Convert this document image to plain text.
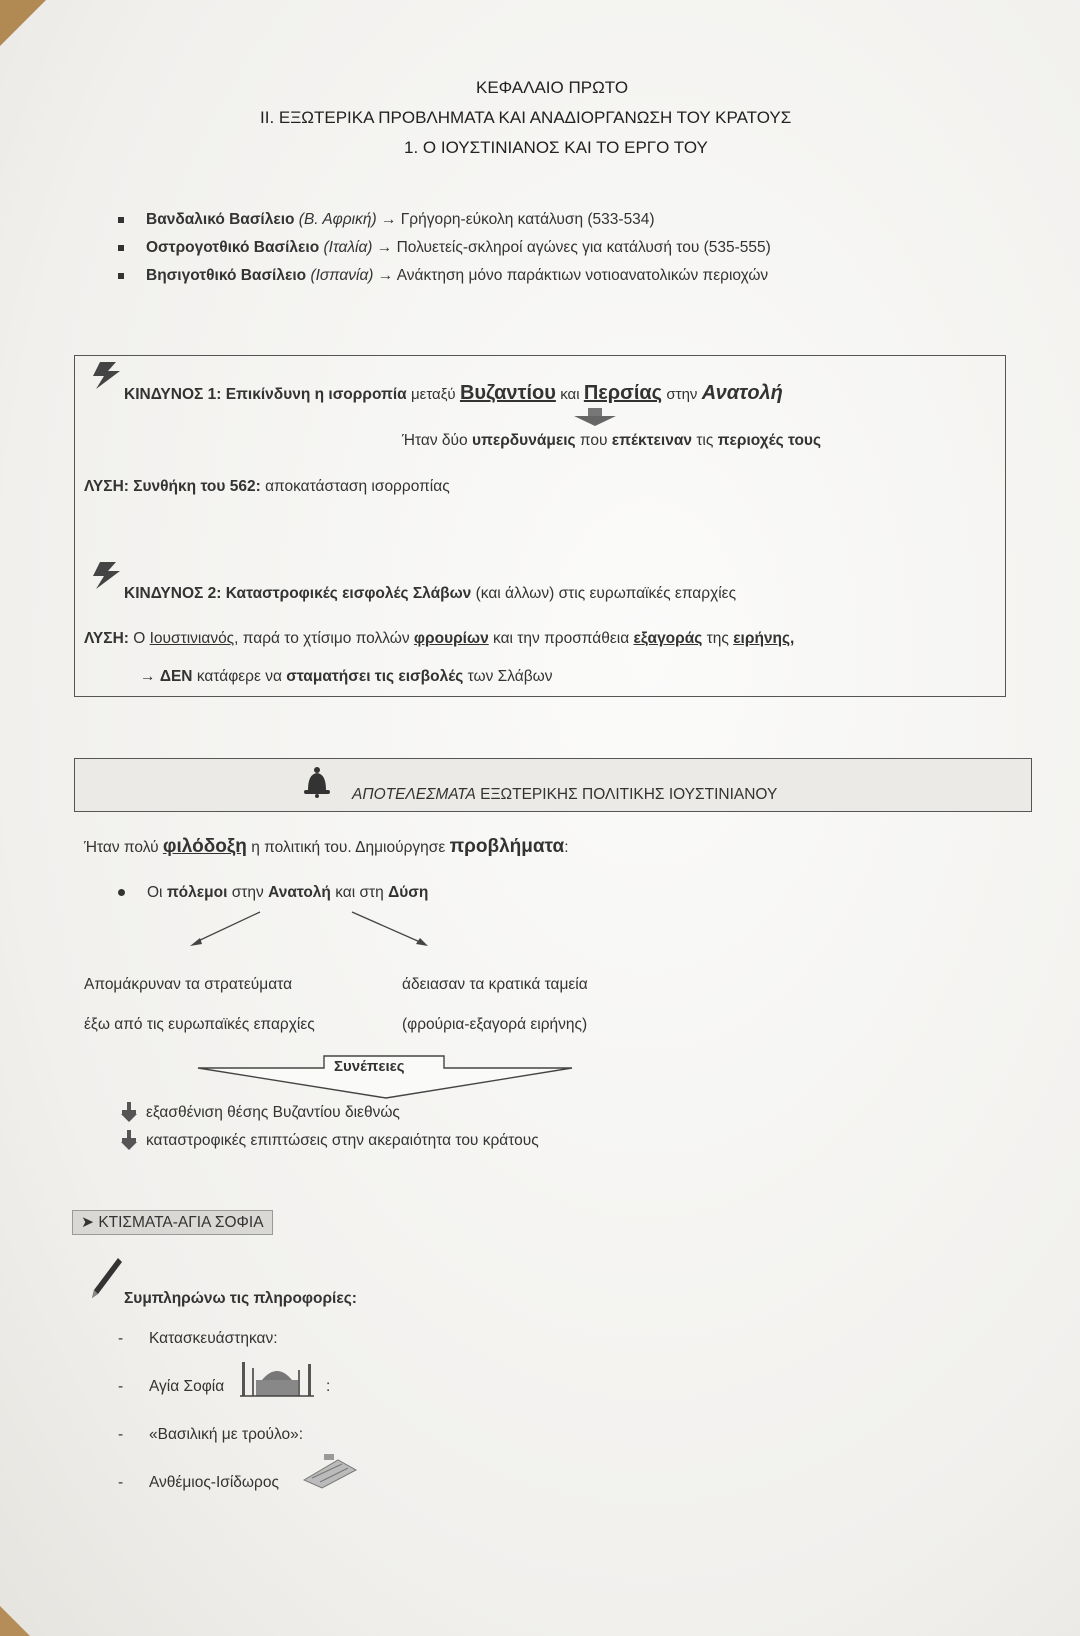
ΚΕΦΑΛΑΙΟ ΠΡΩΤΟ
ΙΙ. ΕΞΩΤΕΡΙΚΑ ΠΡΟΒΛΗΜΑΤΑ ΚΑΙ ΑΝΑΔΙΟΡΓΑΝΩΣΗ ΤΟΥ ΚΡΑΤΟΥΣ
1. Ο ΙΟΥΣΤΙΝΙΑΝΟΣ ΚΑΙ ΤΟ ΕΡΓΟ ΤΟΥ
Βανδαλικό Βασίλειο (Β. Αφρική) → Γρήγορη-εύκολη κατάλυση (533-534)
Οστρογοτθικό Βασίλειο (Ιταλία) → Πολυετείς-σκληροί αγώνες για κατάλυσή του (535-555)
Βησιγοτθικό Βασίλειο (Ισπανία) → Ανάκτηση μόνο παράκτιων νοτιοανατολικών περιοχών
ΚΙΝΔΥΝΟΣ 1: Επικίνδυνη η ισορροπία μεταξύ Βυζαντίου και Περσίας στην Ανατολή
Ήταν δύο υπερδυνάμεις που επέκτειναν τις περιοχές τους
ΛΥΣΗ: Συνθήκη του 562: αποκατάσταση ισορροπίας
ΚΙΝΔΥΝΟΣ 2: Καταστροφικές εισφολές Σλάβων (και άλλων) στις ευρωπαϊκές επαρχίες
ΛΥΣΗ: Ο Ιουστινιανός, παρά το χτίσιμο πολλών φρουρίων και την προσπάθεια εξαγοράς της ειρήνης,
→ ΔΕΝ κατάφερε να σταματήσει τις εισβολές των Σλάβων
ΑΠΟΤΕΛΕΣΜΑΤΑ ΕΞΩΤΕΡΙΚΗΣ ΠΟΛΙΤΙΚΗΣ ΙΟΥΣΤΙΝΙΑΝΟΥ
Ήταν πολύ φιλόδοξη η πολιτική του. Δημιούργησε προβλήματα:
Οι πόλεμοι στην Ανατολή και στη Δύση
Απομάκρυναν τα στρατεύματα
έξω από τις ευρωπαϊκές επαρχίες
άδειασαν τα κρατικά ταμεία
(φρούρια-εξαγορά ειρήνης)
Συνέπειες
εξασθένιση θέσης Βυζαντίου διεθνώς
καταστροφικές επιπτώσεις στην ακεραιότητα του κράτους
➤ ΚΤΙΣΜΑΤΑ-ΑΓΙΑ ΣΟΦΙΑ
Συμπληρώνω τις πληροφορίες:
-      Κατασκευάστηκαν:
-      Αγία Σοφία	:
-      «Βασιλική με τρούλο»:
-      Ανθέμιος-Ισίδωρος
